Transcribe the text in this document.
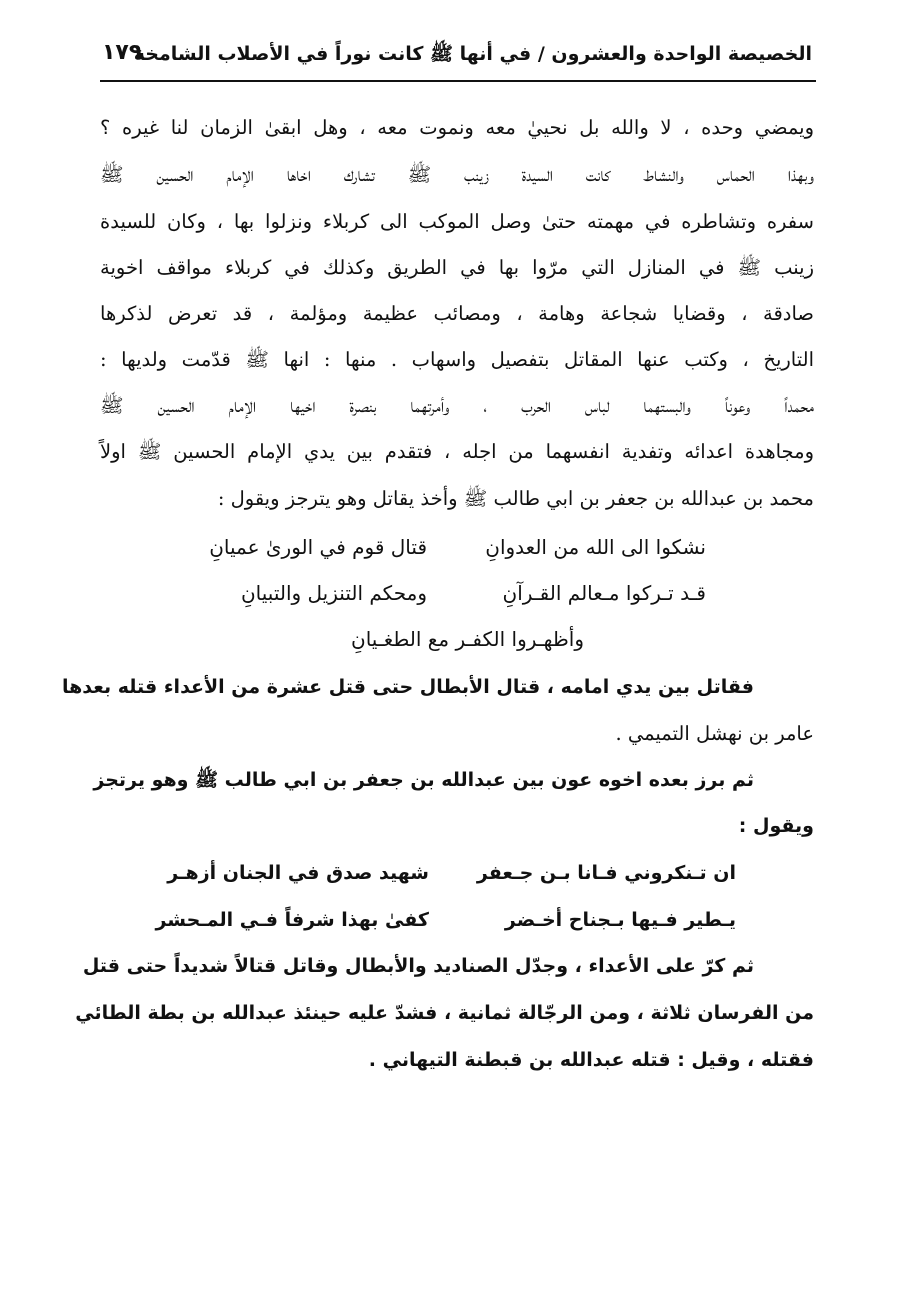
الخصيصة الواحدة والعشرون / في أنها ﷺ كانت نوراً في الأصلاب الشامخة
١٧٩
ويمضي وحده ، لا والله بل نحييٰ معه ونموت معه ، وهل ابقىٰ الزمان لنا غيره ؟
وبهذا الحماس والنشاط كانت السيدة زينب ﷺ تشارك اخاها الإمام الحسين ﷺ
سفره وتشاطره في مهمته حتىٰ وصل الموكب الى كربلاء ونزلوا بها ، وكان للسيدة
زينب ﷺ في المنازل التي مرّوا بها في الطريق وكذلك في كربلاء مواقف اخوية
صادقة ، وقضايا شجاعة وهامة ، ومصائب عظيمة ومؤلمة ، قد تعرض لذكرها
التاريخ ، وكتب عنها المقاتل بتفصيل واسهاب . منها : انها ﷺ قدّمت ولديها :
محمداً وعوناً والبستهما لباس الحرب ، وأمرتهما بنصرة اخيها الإمام الحسين ﷺ
ومجاهدة اعدائه وتفدية انفسهما من اجله ، فتقدم بين يدي الإمام الحسين ﷺ اولاً
محمد بن عبدالله بن جعفر بن ابي طالب ﷺ وأخذ يقاتل وهو يترجز ويقول :
نشكوا الى الله من العدوانِ
قتال قوم في الورىٰ عميانِ
قـد تـركوا مـعالم القـرآنِ
ومحكم التنزيل والتبيانِ
وأظهـروا الكفـر مع الطغـيانِ
فقاتل بين يدي امامه ، قتال الأبطال حتى قتل عشرة من الأعداء قتله بعدها
عامر بن نهشل التميمي .
ثم برز بعده اخوه عون بين عبدالله بن جعفر بن ابي طالب ﷺ وهو يرتجز
ويقول :
ان تـنكروني فـانا بـن جـعفر
شهيد صدق في الجنان أزهـر
يـطير فـيها بـجناح أخـضر
كفىٰ بهذا شرفاً فـي المـحشر
ثم كرّ على الأعداء ، وجدّل الصناديد والأبطال وقاتل قتالاً شديداً حتى قتل
من الفرسان ثلاثة ، ومن الرجّالة ثمانية ، فشدّ عليه حينئذ عبدالله بن بطة الطائي
فقتله ، وقيل : قتله عبدالله بن قبطنة التيهاني .
